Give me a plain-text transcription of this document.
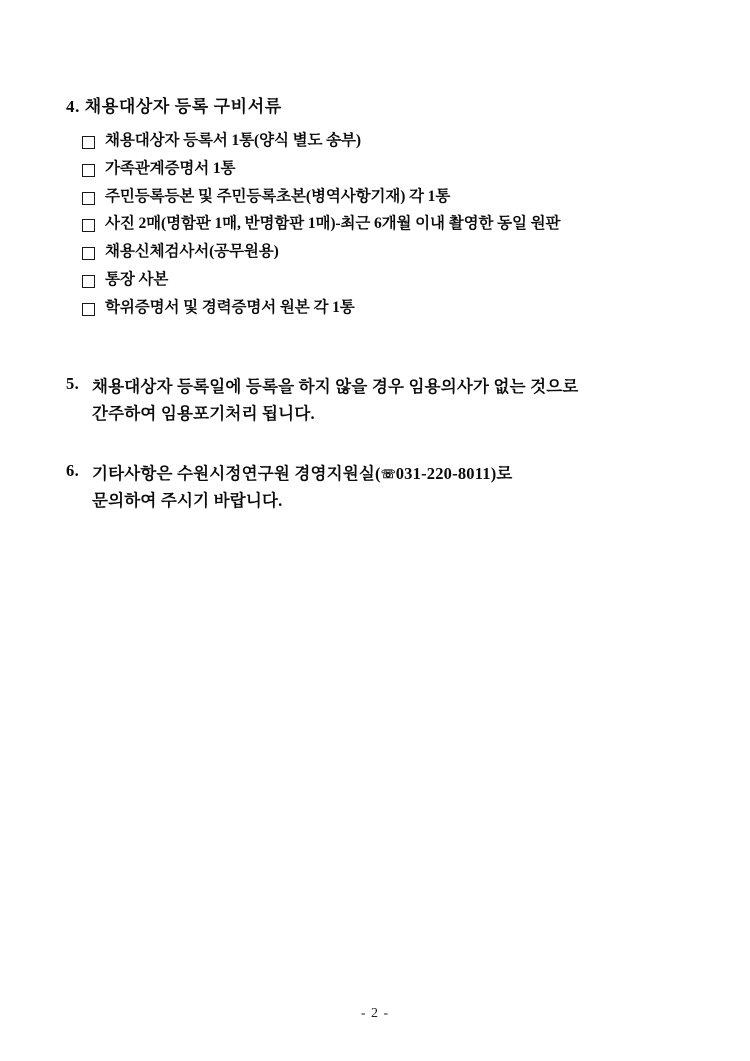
4. 채용대상자 등록 구비서류
채용대상자 등록서 1통(양식 별도 송부)
가족관계증명서 1통
주민등록등본 및 주민등록초본(병역사항기재) 각 1통
사진 2매(명함판 1매, 반명함판 1매)-최근 6개월 이내 촬영한 동일 원판
채용신체검사서(공무원용)
통장 사본
학위증명서 및 경력증명서 원본 각 1통
5. 채용대상자 등록일에 등록을 하지 않을 경우 임용의사가 없는 것으로
간주하여 임용포기처리 됩니다.
6. 기타사항은 수원시정연구원 경영지원실(☏031-220-8011)로
문의하여 주시기 바랍니다.
- 2 -
